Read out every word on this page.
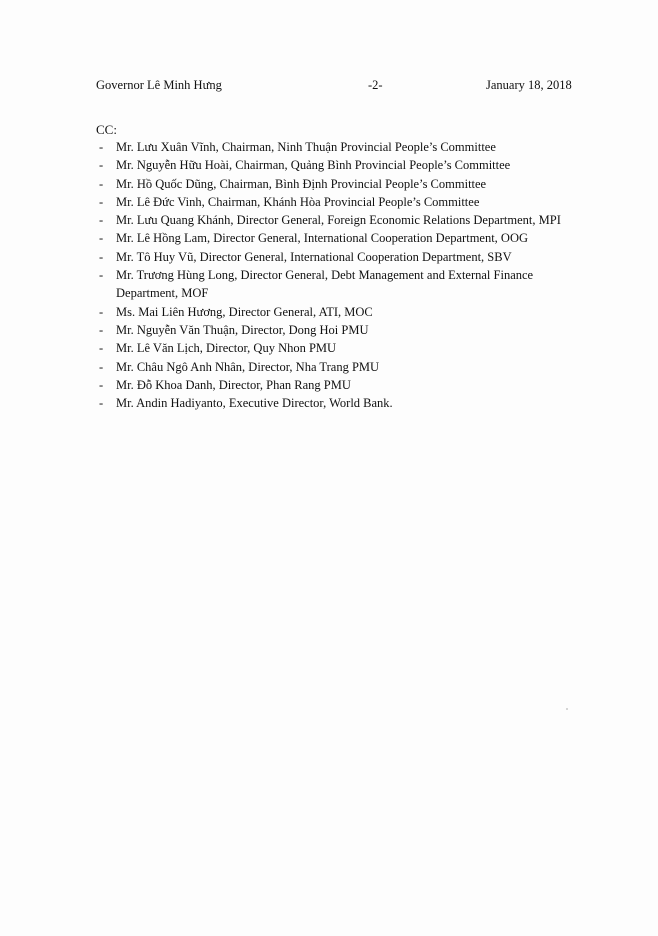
Governor Lê Minh Hưng	-2-	January 18, 2018
CC:
- Mr. Lưu Xuân Vĩnh, Chairman, Ninh Thuận Provincial People’s Committee
- Mr. Nguyễn Hữu Hoài, Chairman, Quảng Bình Provincial People’s Committee
- Mr. Hồ Quốc Dũng, Chairman, Bình Định Provincial People’s Committee
- Mr. Lê Đức Vinh, Chairman, Khánh Hòa Provincial People’s Committee
- Mr. Lưu Quang Khánh, Director General, Foreign Economic Relations Department, MPI
- Mr. Lê Hồng Lam, Director General, International Cooperation Department, OOG
- Mr. Tô Huy Vũ, Director General, International Cooperation Department, SBV
- Mr. Trương Hùng Long, Director General, Debt Management and External Finance Department, MOF
- Ms. Mai Liên Hương, Director General, ATI, MOC
- Mr. Nguyễn Văn Thuận, Director, Dong Hoi PMU
- Mr. Lê Văn Lịch, Director, Quy Nhon PMU
- Mr. Châu Ngô Anh Nhân, Director, Nha Trang PMU
- Mr. Đỗ Khoa Danh, Director, Phan Rang PMU
- Mr. Andin Hadiyanto, Executive Director, World Bank.
